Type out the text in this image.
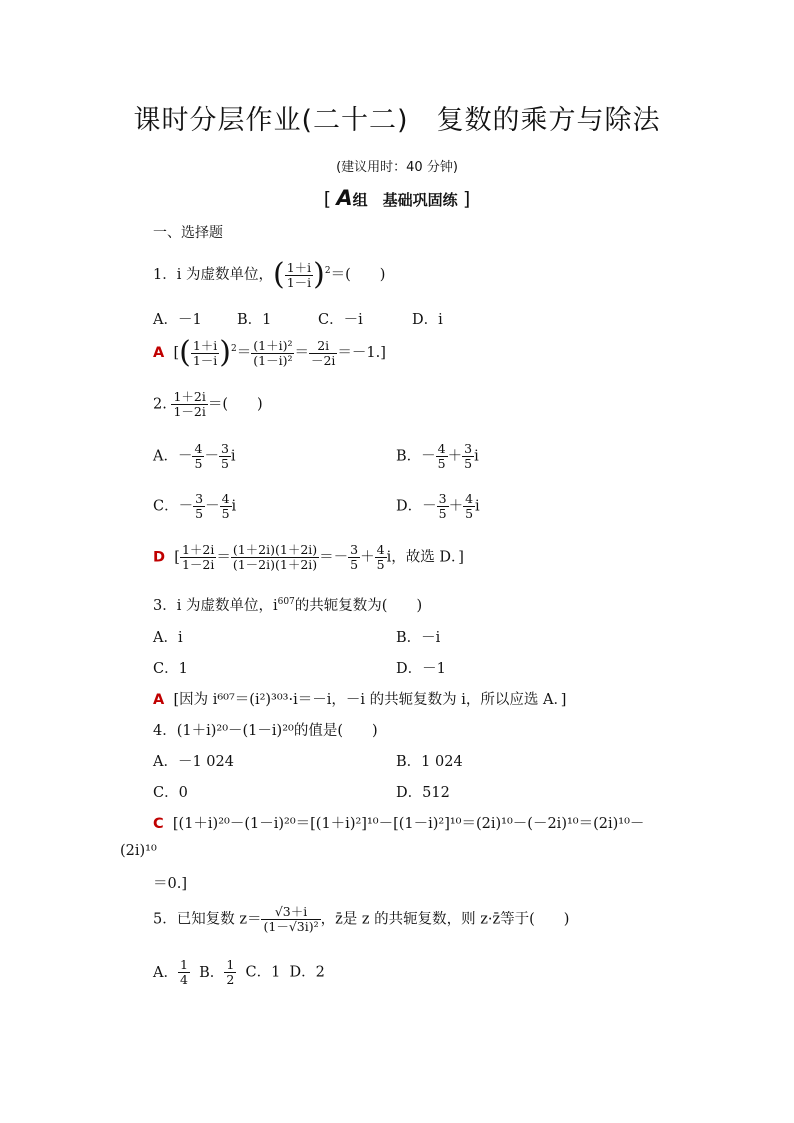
课时分层作业(二十二) 复数的乘方与除法
(建议用时：40 分钟)
[ A组　基础巩固练 ]
一、选择题
1．i 为虚数单位，( $\frac{1+i}{1-i} )^2=$(　　)
A．－1 B．1	C．－i	D．i
A  [( $\frac{1+i}{1-i} )^2= \frac{\text{(1＋i)²}}{\text{(1－i)²}} = \frac{2i}{-2i} =-1$.]
2. $\frac{1+2i}{1-2i}$ ＝(　　)
A．－ $\frac{4}{5} - \frac{3}{5}$ i	B．－ $\frac{4}{5} + \frac{3}{5}$ i
C．－ $\frac{3}{5} - \frac{4}{5}$ i	D．－ $\frac{3}{5} + \frac{4}{5}$ i
D  [ $\frac{1+2i}{1-2i} = \frac{(1+2i)(1+2i)}{(1-2i)(1+2i)} =- \frac{3}{5} + \frac{4}{5}$ i，故选 D．]
3．i 为虚数单位，$i^{607}$的共轭复数为(　　)
A．i	B．－i
C．1	D．－1
A [因为 i⁶⁰⁷＝(i²)³⁰³·i＝－i，－i 的共轭复数为 i，所以应选 A．]
4．(1＋i)²⁰－(1－i)²⁰的值是(　　)
A．－1 024	B．1 024
C．0	D．512
C [(1＋i)²⁰－(1－i)²⁰＝[(1＋i)²]¹⁰－[(1－i)²]¹⁰＝(2i)¹⁰－(－2i)¹⁰＝(2i)¹⁰－
(2i)¹⁰
＝0.]
5．已知复数 $z= \frac{√3+i}{\text{(1－√3i)²}}$ ，z̄是 z 的共轭复数，则 z·z̄等于(　　)
A． $\frac{1}{4}$ B． $\frac{1}{2}$ C．1 D．2
